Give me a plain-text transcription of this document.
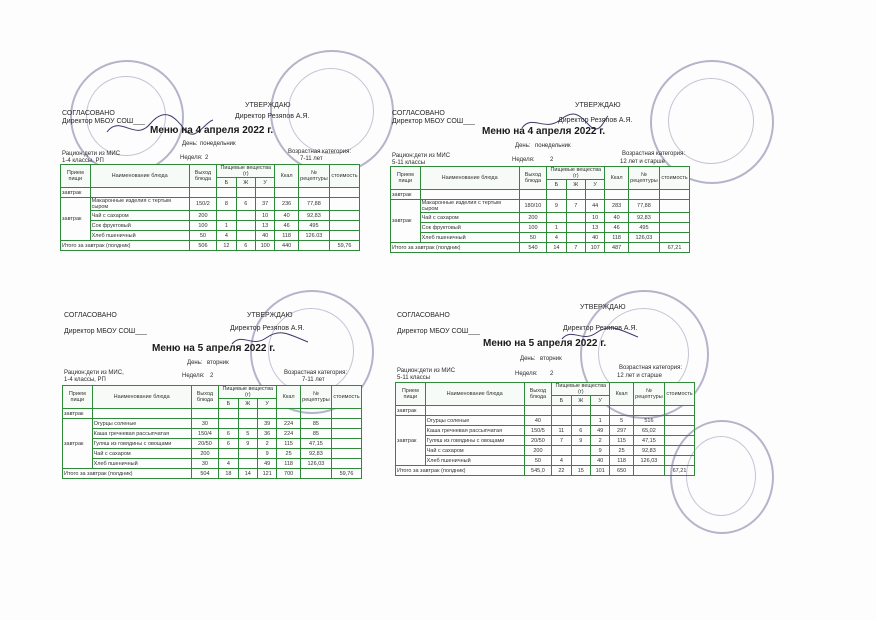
СОГЛАСОВАНО
УТВЕРЖДАЮ
Директор МБОУ СОШ___
Директор Резяпов А.Я.
Меню на 4 апреля 2022 г.
День: понедельник
Рацион:дети из МИС
1-4 классы, РП	Неделя: 2
Возрастная категория:
7-11 лет
Прием пищи	Наименование блюда	Выход блюда	Пищевые вещества (г)			Ккал	№ рецептуры	стоимость
			Б	Ж	У			
завтрак								
завтрак	Макаронные изделия с тертым сыром	150/2	8	6	37	236	77,88	
	Чай с сахаром	200			10	40	92,83	
	Сок фруктовый	100	1		13	46	495	
	Хлеб пшеничный	50	4		40	118	126.03	
Итого за завтрак (полдник)		506	12	6	100	440		59,76
СОГЛАСОВАНО
УТВЕРЖДАЮ
Директор МБОУ СОШ___	Директор Резяпов А.Я.
Меню на 4 апреля 2022 г.
День: понедельник
Рацион:дети из МИС
5-11 классы	Неделя:	2
Возрастная категория:
12 лет и старше
Прием пищи	Наименование блюда	Выход блюда	Пищевые вещества (г)			Ккал	№ рецептуры	стоимость
			Б	Ж	У			
завтрак								
завтрак	Макаронные изделия с тертым сыром	180/10	9	7	44	283	77,88	
	Чай с сахаром	200			10	40	92,83	
	Сок фруктовый	100	1		13	46	495	
	Хлеб пшеничный	50	4		40	118	126,03	
Итого за завтрак (полдник)		540	14	7	107	487		67,21
СОГЛАСОВАНО	УТВЕРЖДАЮ
Директор МБОУ СОШ___	Директор Резяпов А.Я.
Меню на 5 апреля 2022 г.
День: вторник
Рацион:дети из МИС,
1-4 классы, РП
Неделя: 2	Возрастная категория:
7-11 лет
Прием пищи	Наименование блюда	Выход блюда	Пищевые вещества (г)			Ккал	№ рецептуры	стоимость
			Б	Ж	У			
завтрак								
завтрак	Огурцы соленые	30			39	224	85	
	Каша гречневая рассыпчатая	150/4	6	5	36	224	85	
	Гуляш из говядины с овощами	20/50	6	9	2	115	47,15	
	Чай с сахаром	200			9	25	92,83	
	Хлеб пшеничный	30	4		49	118	126,03	
Итого за завтрак (полдник)		504	18	14	121	700		59,76
СОГЛАСОВАНО
УТВЕРЖДАЮ
Директор МБОУ СОШ___	Директор Резяпов А.Я.
Меню на 5 апреля 2022 г.
День: вторник
Рацион:дети из МИС
5-11 классы
Неделя: 2
Возрастная категория:
12 лет и старше
Прием пищи	Наименование блюда	Выход блюда	Пищевые вещества (г)			Ккал	№ рецептуры	стоимость
			Б	Ж	У			
завтрак								
завтрак	Огурцы соленые	40			1	5	516	
	Каша гречневая рассыпчатая	150/5	11	6	49	297	65,02	
	Гуляш из говядины с овощами	20/50	7	9	2	115	47,15	
	Чай с сахаром	200			9	25	92,83	
	Хлеб пшеничный	50	4		40	118	126,03	
Итого за завтрак (полдник)		545,0	22	15	101	650		67,21
